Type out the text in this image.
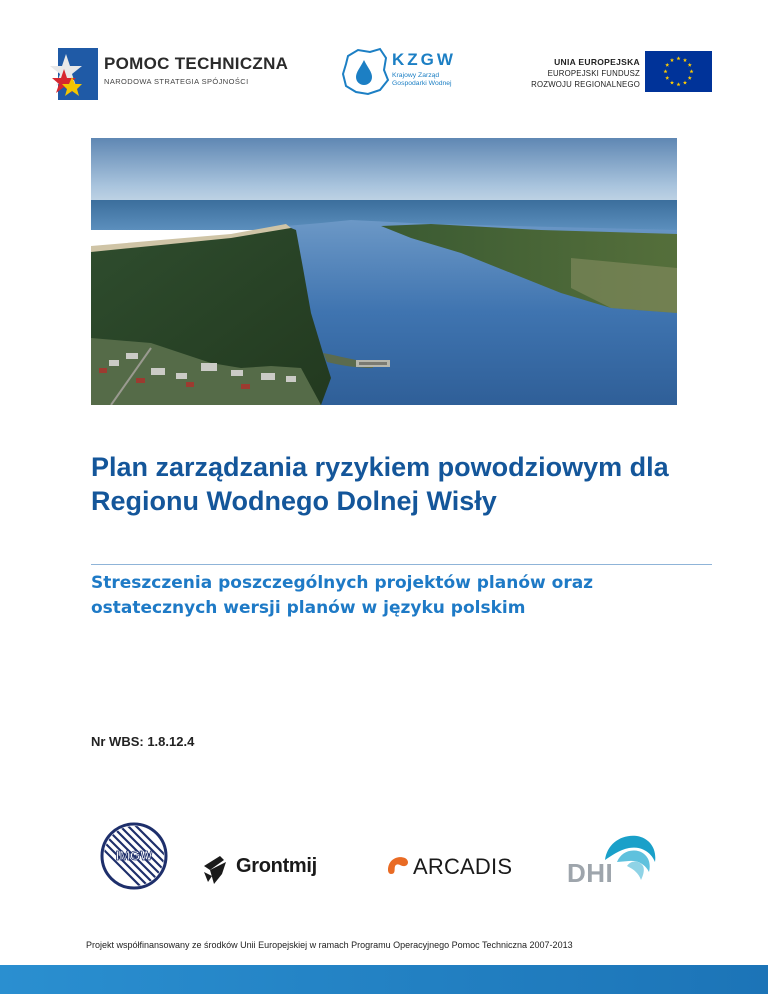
POMOC TECHNICZNA
NARODOWA STRATEGIA SPÓJNOŚCI
KZGW
Krajowy Zarząd
Gospodarki Wodnej
UNIA EUROPEJSKA
EUROPEJSKI FUNDUSZ
ROZWOJU REGIONALNEGO
Plan zarządzania ryzykiem powodziowym dla Regionu Wodnego Dolnej Wisły
Streszczenia poszczególnych projektów planów oraz ostatecznych wersji planów w języku polskim
Nr WBS: 1.8.12.4
IMGW	Grontmij	ARCADIS DHI
Projekt współfinansowany ze środków Unii Europejskiej w ramach Programu Operacyjnego Pomoc Techniczna 2007-2013
